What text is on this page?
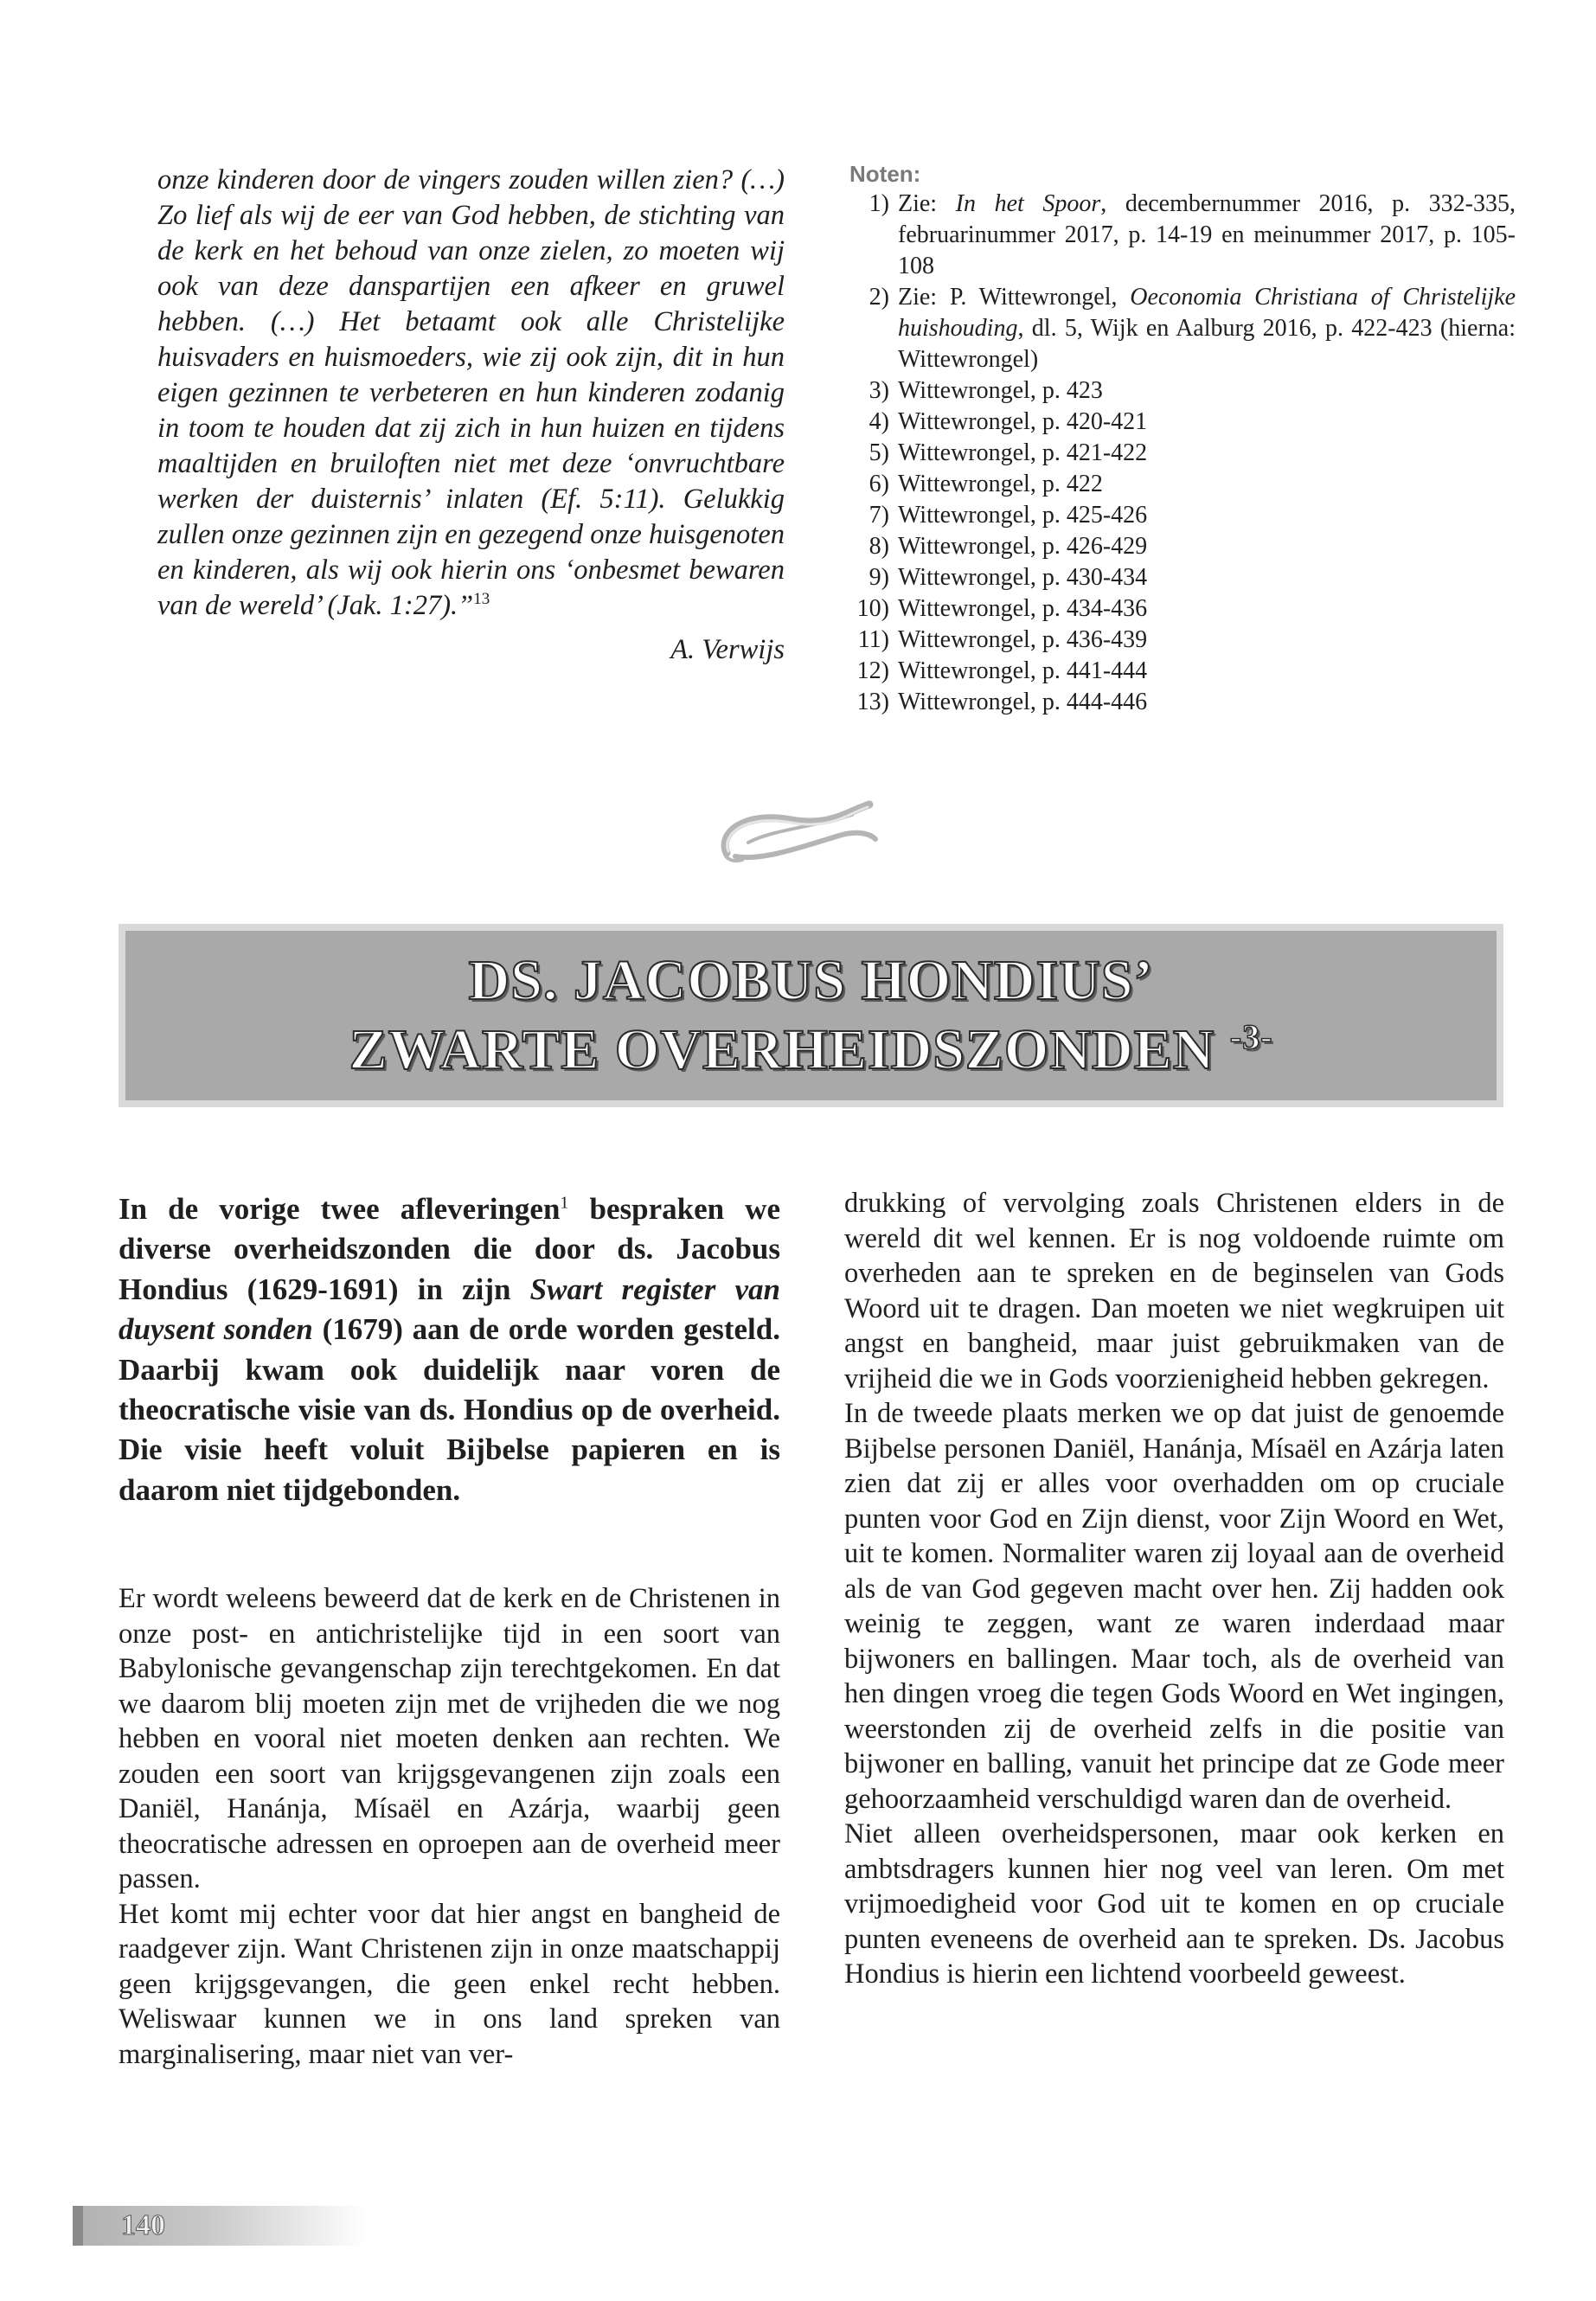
onze kinderen door de vingers zouden willen zien? (…) Zo lief als wij de eer van God hebben, de stichting van de kerk en het behoud van onze zielen, zo moeten wij ook van deze danspartijen een afkeer en gruwel hebben. (…) Het betaamt ook alle Christelijke huisvaders en huismoeders, wie zij ook zijn, dit in hun eigen gezinnen te verbeteren en hun kinderen zodanig in toom te houden dat zij zich in hun huizen en tijdens maaltijden en bruiloften niet met deze ‘onvruchtbare werken der duisternis’ inlaten (Ef. 5:11). Gelukkig zullen onze gezinnen zijn en gezegend onze huisgenoten en kinderen, als wij ook hierin ons ‘onbesmet bewaren van de wereld’ (Jak. 1:27).”$^{13}$

A. Verwijs
Noten:
1) Zie: In het Spoor, decembernummer 2016, p. 332-335, februarinummer 2017, p. 14-19 en meinummer 2017, p. 105-108
2) Zie: P. Wittewrongel, Oeconomia Christiana of Christelijke huishouding, dl. 5, Wijk en Aalburg 2016, p. 422-423 (hierna: Wittewrongel)
3) Wittewrongel, p. 423
4) Wittewrongel, p. 420-421
5) Wittewrongel, p. 421-422
6) Wittewrongel, p. 422
7) Wittewrongel, p. 425-426
8) Wittewrongel, p. 426-429
9) Wittewrongel, p. 430-434
10) Wittewrongel, p. 434-436
11) Wittewrongel, p. 436-439
12) Wittewrongel, p. 441-444
13) Wittewrongel, p. 444-446
DS. JACOBUS HONDIUS’
ZWARTE OVERHEIDSZONDEN $^{-3-}$

In de vorige twee afleveringen$^1$ bespraken we diverse overheidszonden die door ds. Jacobus Hondius (1629-1691) in zijn Swart register van duysent sonden (1679) aan de orde worden gesteld. Daarbij kwam ook duidelijk naar voren de theocratische visie van ds. Hondius op de overheid. Die visie heeft voluit Bijbelse papieren en is daarom niet tijdgebonden.

Er wordt weleens beweerd dat de kerk en de Christenen in onze post- en antichristelijke tijd in een soort van Babylonische gevangenschap zijn terechtgekomen. En dat we daarom blij moeten zijn met de vrijheden die we nog hebben en vooral niet moeten denken aan rechten. We zouden een soort van krijgsgevangenen zijn zoals een Daniël, Hanánja, Mísaël en Azárja, waarbij geen theocratische adressen en oproepen aan de overheid meer passen.

Het komt mij echter voor dat hier angst en bangheid de raadgever zijn. Want Christenen zijn in onze maatschappij geen krijgsgevangen, die geen enkel recht hebben. Weliswaar kunnen we in ons land spreken van marginalisering, maar niet van ver-

drukking of vervolging zoals Christenen elders in de wereld dit wel kennen. Er is nog voldoende ruimte om overheden aan te spreken en de beginselen van Gods Woord uit te dragen. Dan moeten we niet wegkruipen uit angst en bangheid, maar juist gebruikmaken van de vrijheid die we in Gods voorzienigheid hebben gekregen.

In de tweede plaats merken we op dat juist de genoemde Bijbelse personen Daniël, Hanánja, Mísaël en Azárja laten zien dat zij er alles voor overhadden om op cruciale punten voor God en Zijn dienst, voor Zijn Woord en Wet, uit te komen. Normaliter waren zij loyaal aan de overheid als de van God gegeven macht over hen. Zij hadden ook weinig te zeggen, want ze waren inderdaad maar bijwoners en ballingen. Maar toch, als de overheid van hen dingen vroeg die tegen Gods Woord en Wet ingingen, weerstonden zij de overheid zelfs in die positie van bijwoner en balling, vanuit het principe dat ze Gode meer gehoorzaamheid verschuldigd waren dan de overheid.

Niet alleen overheidspersonen, maar ook kerken en ambtsdragers kunnen hier nog veel van leren. Om met vrijmoedigheid voor God uit te komen en op cruciale punten eveneens de overheid aan te spreken. Ds. Jacobus Hondius is hierin een lichtend voorbeeld geweest.

140
